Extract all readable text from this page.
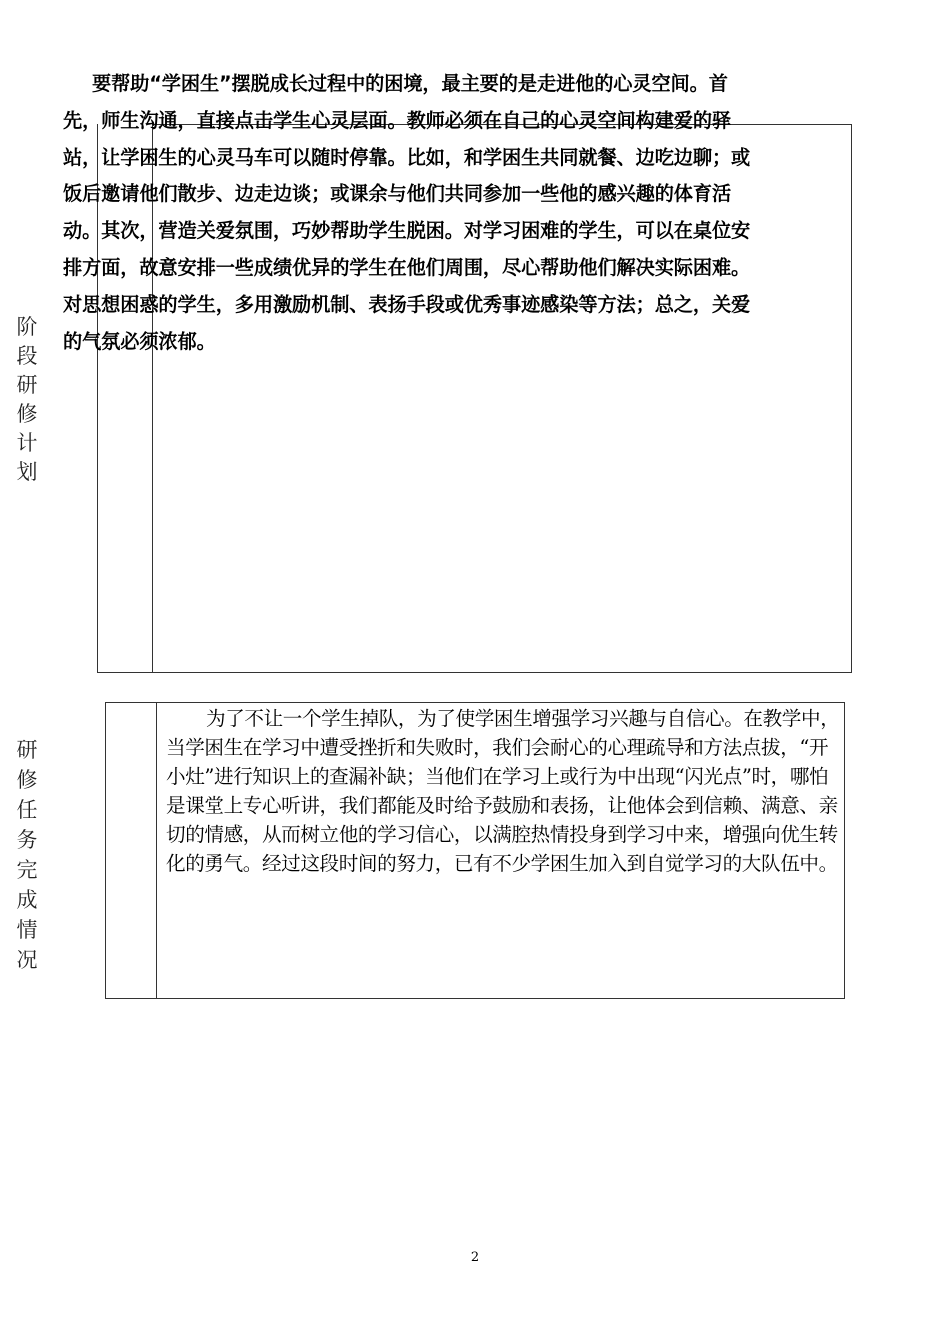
阶
段
研
修
计
划

要帮助“学困生”摆脱成长过程中的困境，最主要的是走进他的心灵空间。首先，师生沟通，直接点击学生心灵层面。教师必须在自己的心灵空间构建爱的驿站，让学困生的心灵马车可以随时停靠。比如，和学困生共同就餐、边吃边聊；或饭后邀请他们散步、边走边谈；或课余与他们共同参加一些他的感兴趣的体育活动。其次，营造关爱氛围，巧妙帮助学生脱困。对学习困难的学生，可以在桌位安排方面，故意安排一些成绩优异的学生在他们周围，尽心帮助他们解决实际困难。

对思想困惑的学生，多用激励机制、表扬手段或优秀事迹感染等方法；总之，关爱的气氛必须浓郁。

研
修
任
务
完
成
情
况

为了不让一个学生掉队，为了使学困生增强学习兴趣与自信心。在教学中，当学困生在学习中遭受挫折和失败时，我们会耐心的心理疏导和方法点拔，“开小灶”进行知识上的查漏补缺；当他们在学习上或行为中出现“闪光点”时，哪怕是课堂上专心听讲，我们都能及时给予鼓励和表扬，让他体会到信赖、满意、亲切的情感，从而树立他的学习信心，以满腔热情投身到学习中来，增强向优生转化的勇气。经过这段时间的努力，已有不少学困生加入到自觉学习的大队伍中。

2
